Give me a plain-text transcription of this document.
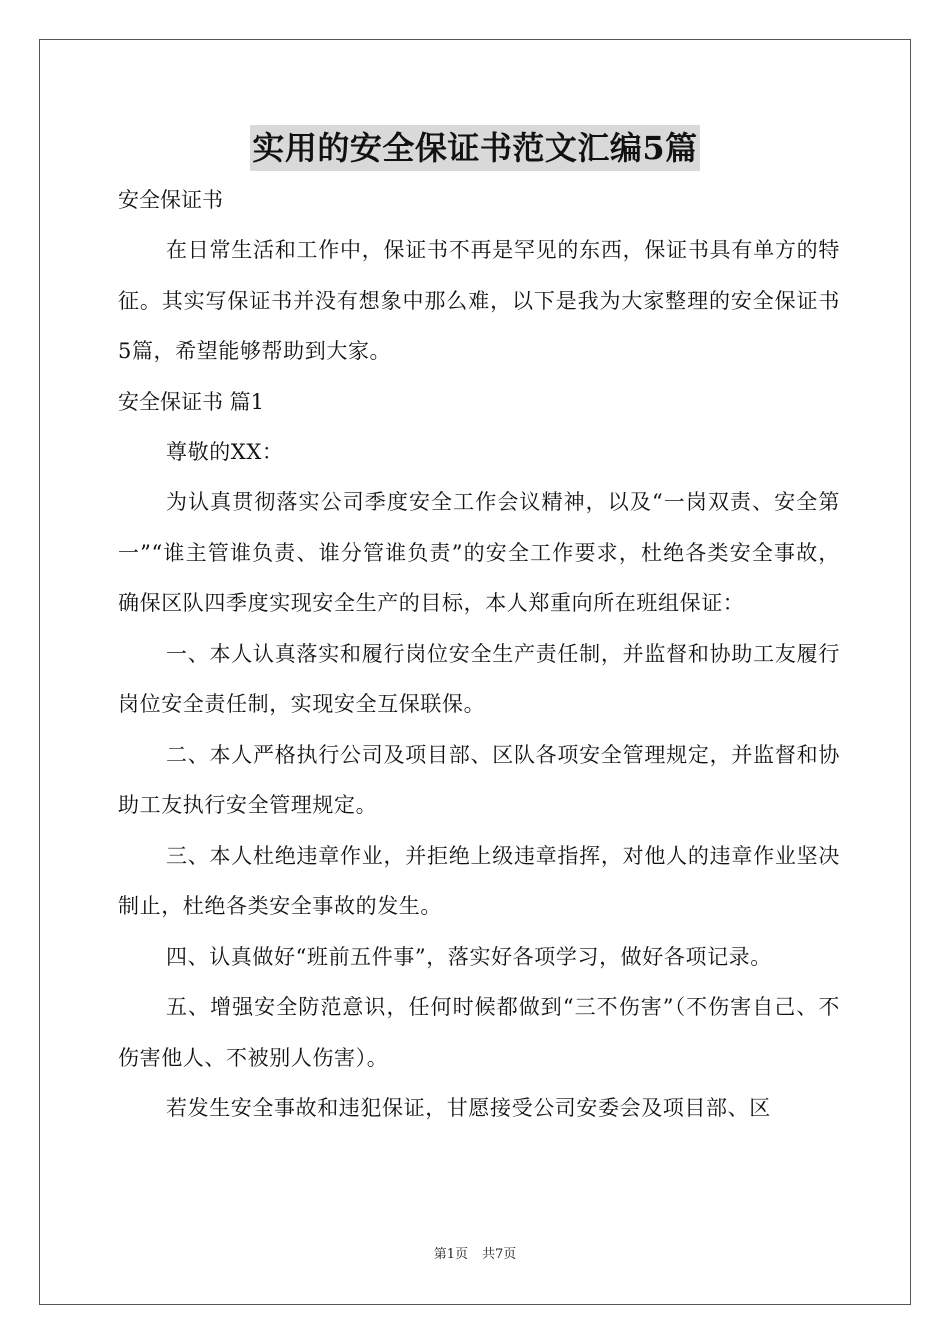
实用的安全保证书范文汇编5篇

安全保证书

在日常生活和工作中，保证书不再是罕见的东西，保证书具有单方的特征。其实写保证书并没有想象中那么难，以下是我为大家整理的安全保证书5篇，希望能够帮助到大家。

安全保证书 篇1

尊敬的XX：

为认真贯彻落实公司季度安全工作会议精神，以及“一岗双责、安全第一”“谁主管谁负责、谁分管谁负责”的安全工作要求，杜绝各类安全事故，确保区队四季度实现安全生产的目标，本人郑重向所在班组保证：

一、本人认真落实和履行岗位安全生产责任制，并监督和协助工友履行岗位安全责任制，实现安全互保联保。

二、本人严格执行公司及项目部、区队各项安全管理规定，并监督和协助工友执行安全管理规定。

三、本人杜绝违章作业，并拒绝上级违章指挥，对他人的违章作业坚决制止，杜绝各类安全事故的发生。

四、认真做好“班前五件事”，落实好各项学习，做好各项记录。

五、增强安全防范意识，任何时候都做到“三不伤害”（不伤害自己、不伤害他人、不被别人伤害）。

若发生安全事故和违犯保证，甘愿接受公司安委会及项目部、区

第1页 共7页
